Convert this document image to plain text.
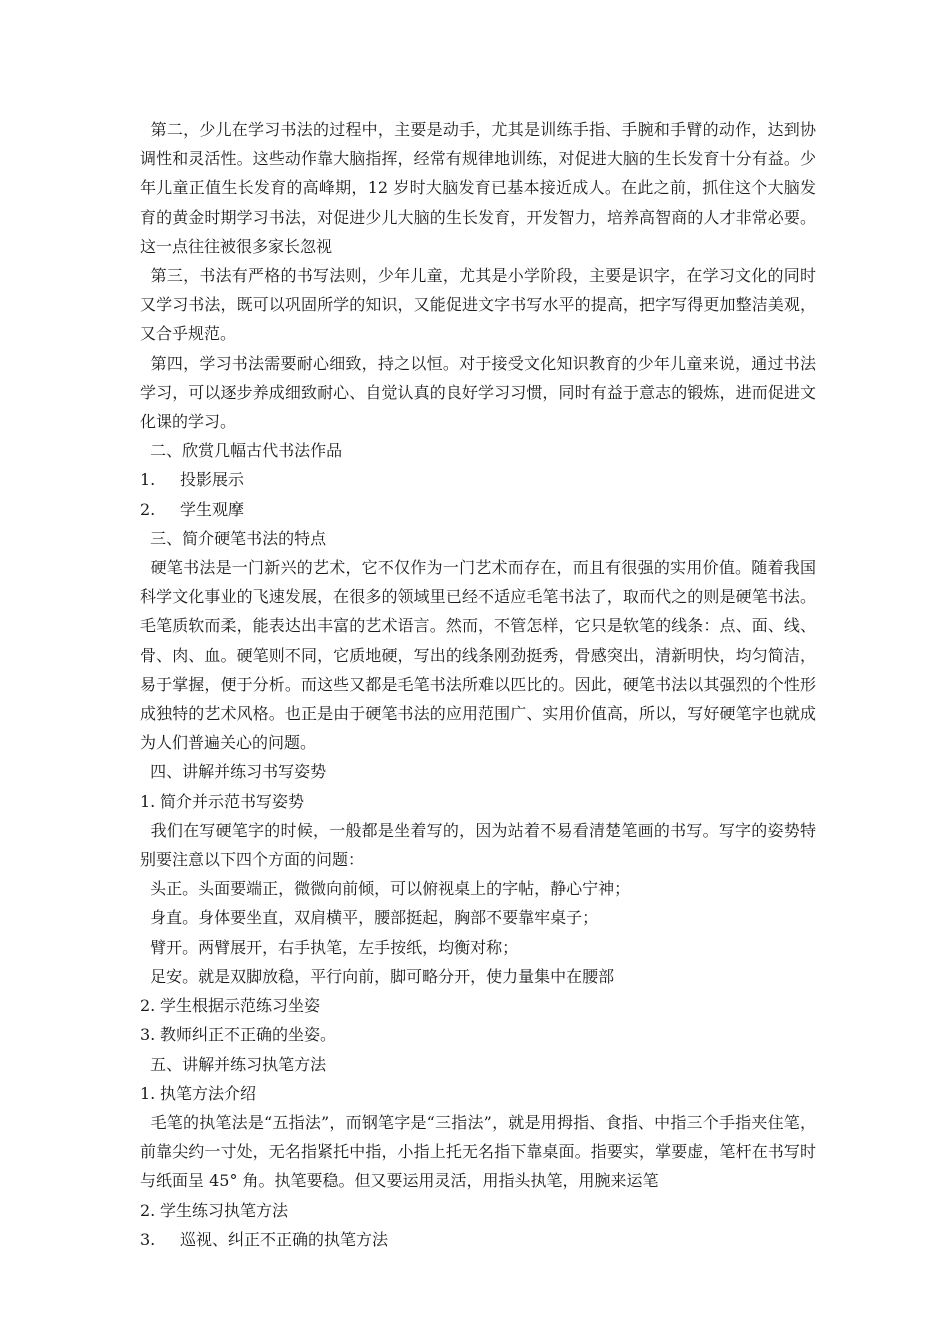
第二，少儿在学习书法的过程中，主要是动手，尤其是训练手指、手腕和手臂的动作，达到协调性和灵活性。这些动作靠大脑指挥，经常有规律地训练，对促进大脑的生长发育十分有益。少年儿童正值生长发育的高峰期，12 岁时大脑发育已基本接近成人。在此之前，抓住这个大脑发育的黄金时期学习书法，对促进少儿大脑的生长发育，开发智力，培养高智商的人才非常必要。这一点往往被很多家长忽视

第三，书法有严格的书写法则，少年儿童，尤其是小学阶段，主要是识字，在学习文化的同时又学习书法，既可以巩固所学的知识，又能促进文字书写水平的提高，把字写得更加整洁美观，又合乎规范。

第四，学习书法需要耐心细致，持之以恒。对于接受文化知识教育的少年儿童来说，通过书法学习，可以逐步养成细致耐心、自觉认真的良好学习习惯，同时有益于意志的锻炼，进而促进文化课的学习。

二、欣赏几幅古代书法作品

1. 投影展示

2. 学生观摩

三、简介硬笔书法的特点

硬笔书法是一门新兴的艺术，它不仅作为一门艺术而存在，而且有很强的实用价值。随着我国科学文化事业的飞速发展，在很多的领域里已经不适应毛笔书法了，取而代之的则是硬笔书法。毛笔质软而柔，能表达出丰富的艺术语言。然而，不管怎样，它只是软笔的线条：点、面、线、骨、肉、血。硬笔则不同，它质地硬，写出的线条刚劲挺秀，骨感突出，清新明快，均匀简洁，易于掌握，便于分析。而这些又都是毛笔书法所难以匹比的。因此，硬笔书法以其强烈的个性形成独特的艺术风格。也正是由于硬笔书法的应用范围广、实用价值高，所以，写好硬笔字也就成为人们普遍关心的问题。

四、讲解并练习书写姿势

1. 简介并示范书写姿势

我们在写硬笔字的时候，一般都是坐着写的，因为站着不易看清楚笔画的书写。写字的姿势特别要注意以下四个方面的问题：

头正。头面要端正，微微向前倾，可以俯视桌上的字帖，静心宁神；

身直。身体要坐直，双肩横平，腰部挺起，胸部不要靠牢桌子；

臂开。两臂展开，右手执笔，左手按纸，均衡对称；

足安。就是双脚放稳，平行向前，脚可略分开，使力量集中在腰部

2. 学生根据示范练习坐姿

3. 教师纠正不正确的坐姿。

五、讲解并练习执笔方法

1. 执笔方法介绍

毛笔的执笔法是“五指法”，而钢笔字是“三指法”，就是用拇指、食指、中指三个手指夹住笔，前靠尖约一寸处，无名指紧托中指，小指上托无名指下靠桌面。指要实，掌要虚，笔杆在书写时与纸面呈 45° 角。执笔要稳。但又要运用灵活，用指头执笔，用腕来运笔

2. 学生练习执笔方法

3. 巡视、纠正不正确的执笔方法
